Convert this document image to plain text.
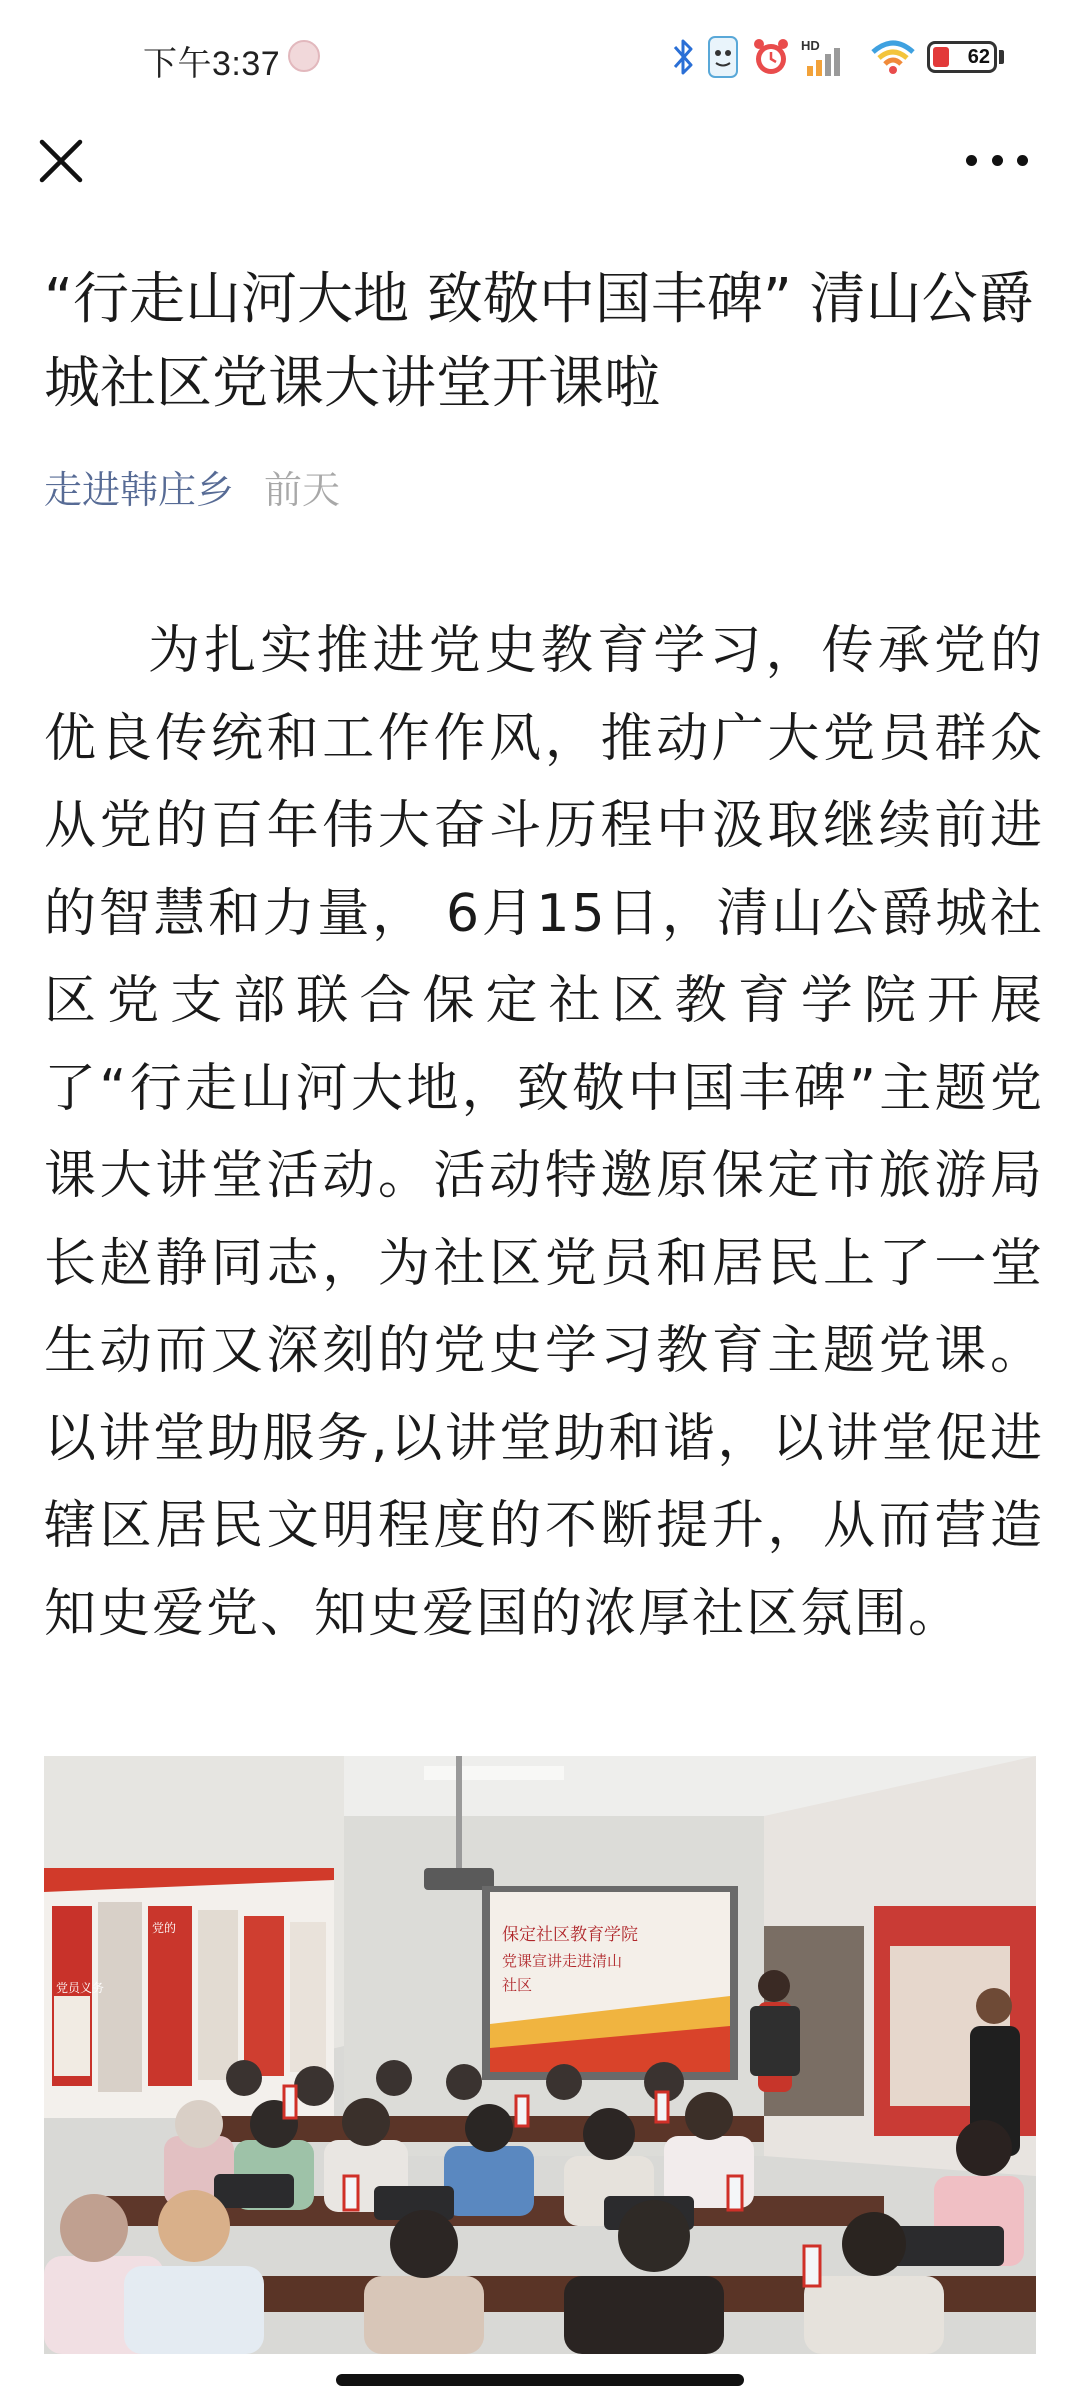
下午3:37	HD	62
“行走山河大地 致敬中国丰碑” 清山公爵城社区党课大讲堂开课啦
走进韩庄乡 前天

为扎实推进党史教育学习，传承党的优良传统和工作作风，推动广大党员群众从党的百年伟大奋斗历程中汲取继续前进的智慧和力量， 6月15日，清山公爵城社区党支部联合保定社区教育学院开展了“行走山河大地，致敬中国丰碑”主题党课大讲堂活动。活动特邀原保定市旅游局长赵静同志，为社区党员和居民上了一堂生动而又深刻的党史学习教育主题党课。以讲堂助服务,以讲堂助和谐，以讲堂促进辖区居民文明程度的不断提升，从而营造知史爱党、知史爱国的浓厚社区氛围。

党员义务
党的	保定社区教育学院
党课宣讲走进清山
社区
